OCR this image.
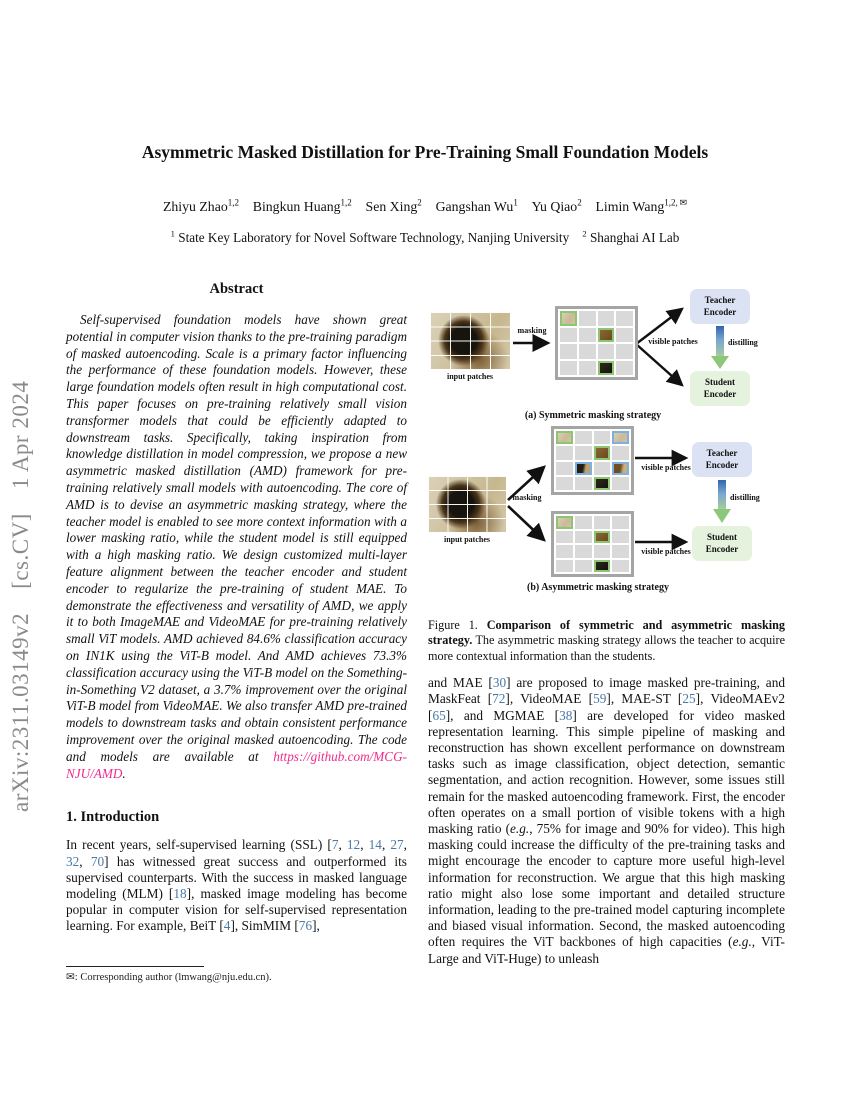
arXiv:2311.03149v2  [cs.CV]  1 Apr 2024
Asymmetric Masked Distillation for Pre-Training Small Foundation Models
Zhiyu Zhao$^{1,2}$  Bingkun Huang$^{1,2}$  Sen Xing$^2$  Gangshan Wu$^1$  Yu Qiao$^2$  Limin Wang$^{1,2, ✉}$
$^1$ State Key Laboratory for Novel Software Technology, Nanjing University $^2$ Shanghai AI Lab
Abstract

Self-supervised foundation models have shown great potential in computer vision thanks to the pre-training paradigm of masked autoencoding. Scale is a primary factor influencing the performance of these foundation models. However, these large foundation models often result in high computational cost. This paper focuses on pre-training relatively small vision transformer models that could be efficiently adapted to downstream tasks. Specifically, taking inspiration from knowledge distillation in model compression, we propose a new asymmetric masked distillation (AMD) framework for pre-training relatively small models with autoencoding. The core of AMD is to devise an asymmetric masking strategy, where the teacher model is enabled to see more context information with a lower masking ratio, while the student model is still equipped with a high masking ratio. We design customized multi-layer feature alignment between the teacher encoder and student encoder to regularize the pre-training of student MAE. To demonstrate the effectiveness and versatility of AMD, we apply it to both ImageMAE and VideoMAE for pre-training relatively small ViT models. AMD achieved 84.6% classification accuracy on IN1K using the ViT-B model. And AMD achieves 73.3% classification accuracy using the ViT-B model on the Something-in-Something V2 dataset, a 3.7% improvement over the original ViT-B model from VideoMAE. We also transfer AMD pre-trained models to downstream tasks and obtain consistent performance improvement over the original masked autoencoding. The code and models are available at https://github.com/MCG-NJU/AMD.

1. Introduction

In recent years, self-supervised learning (SSL) [7, 12, 14, 27, 32, 70] has witnessed great success and outperformed its supervised counterparts. With the success in masked language modeling (MLM) [18], masked image modeling has become popular in computer vision for self-supervised representation learning. For example, BeiT [4], SimMIM [76],

✉: Corresponding author (lmwang@nju.edu.cn).
input patches
masking
visible patches
Teacher
Encoder
distilling
Student
Encoder
(a) Symmetric masking strategy
input patches
masking
visible patches
visible patches
Teacher
Encoder
distilling
Student
Encoder
(b) Asymmetric masking strategy

Figure 1. Comparison of symmetric and asymmetric masking strategy. The asymmetric masking strategy allows the teacher to acquire more contextual information than the students.

and MAE [30] are proposed to image masked pre-training, and MaskFeat [72], VideoMAE [59], MAE-ST [25], VideoMAEv2 [65], and MGMAE [38] are developed for video masked representation learning. This simple pipeline of masking and reconstruction has shown excellent performance on downstream tasks such as image classification, object detection, semantic segmentation, and action recognition. However, some issues still remain for the masked autoencoding framework. First, the encoder often operates on a small portion of visible tokens with a high masking ratio (e.g., 75% for image and 90% for video). This high masking could increase the difficulty of the pre-training tasks and might encourage the encoder to capture more useful high-level information for reconstruction. We argue that this high masking ratio might also lose some important and detailed structure information, leading to the pre-trained model capturing incomplete and biased visual information. Second, the masked autoencoding often requires the ViT backbones of high capacities (e.g., ViT-Large and ViT-Huge) to unleash
